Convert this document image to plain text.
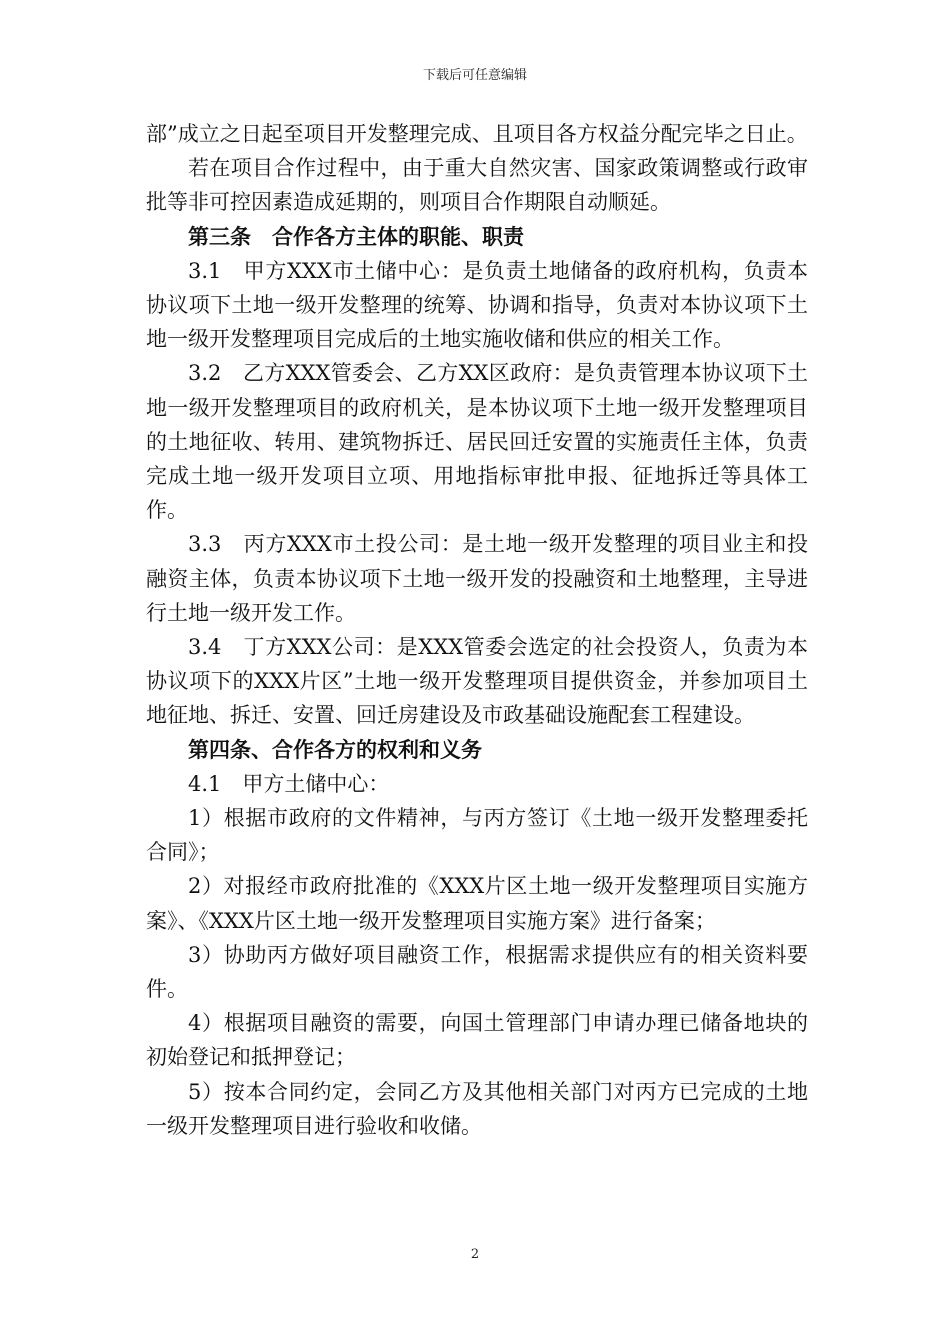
下载后可任意编辑

部”成立之日起至项目开发整理完成、且项目各方权益分配完毕之日止。

若在项目合作过程中，由于重大自然灾害、国家政策调整或行政审批等非可控因素造成延期的，则项目合作期限自动顺延。

第三条　合作各方主体的职能、职责

3.1　甲方XXX市土储中心：是负责土地储备的政府机构，负责本协议项下土地一级开发整理的统筹、协调和指导，负责对本协议项下土地一级开发整理项目完成后的土地实施收储和供应的相关工作。

3.2　乙方XXX管委会、乙方XX区政府：是负责管理本协议项下土地一级开发整理项目的政府机关，是本协议项下土地一级开发整理项目的土地征收、转用、建筑物拆迁、居民回迁安置的实施责任主体，负责完成土地一级开发项目立项、用地指标审批申报、征地拆迁等具体工作。

3.3　丙方XXX市土投公司：是土地一级开发整理的项目业主和投融资主体，负责本协议项下土地一级开发的投融资和土地整理，主导进行土地一级开发工作。

3.4　丁方XXX公司：是XXX管委会选定的社会投资人，负责为本协议项下的XXX片区”土地一级开发整理项目提供资金，并参加项目土地征地、拆迁、安置、回迁房建设及市政基础设施配套工程建设。

第四条、合作各方的权利和义务

4.1　甲方土储中心：

1）根据市政府的文件精神，与丙方签订《土地一级开发整理委托合同》；

2）对报经市政府批准的《XXX片区土地一级开发整理项目实施方案》、《XXX片区土地一级开发整理项目实施方案》进行备案；

3）协助丙方做好项目融资工作，根据需求提供应有的相关资料要件。

4）根据项目融资的需要，向国土管理部门申请办理已储备地块的初始登记和抵押登记；

5）按本合同约定，会同乙方及其他相关部门对丙方已完成的土地一级开发整理项目进行验收和收储。

2
